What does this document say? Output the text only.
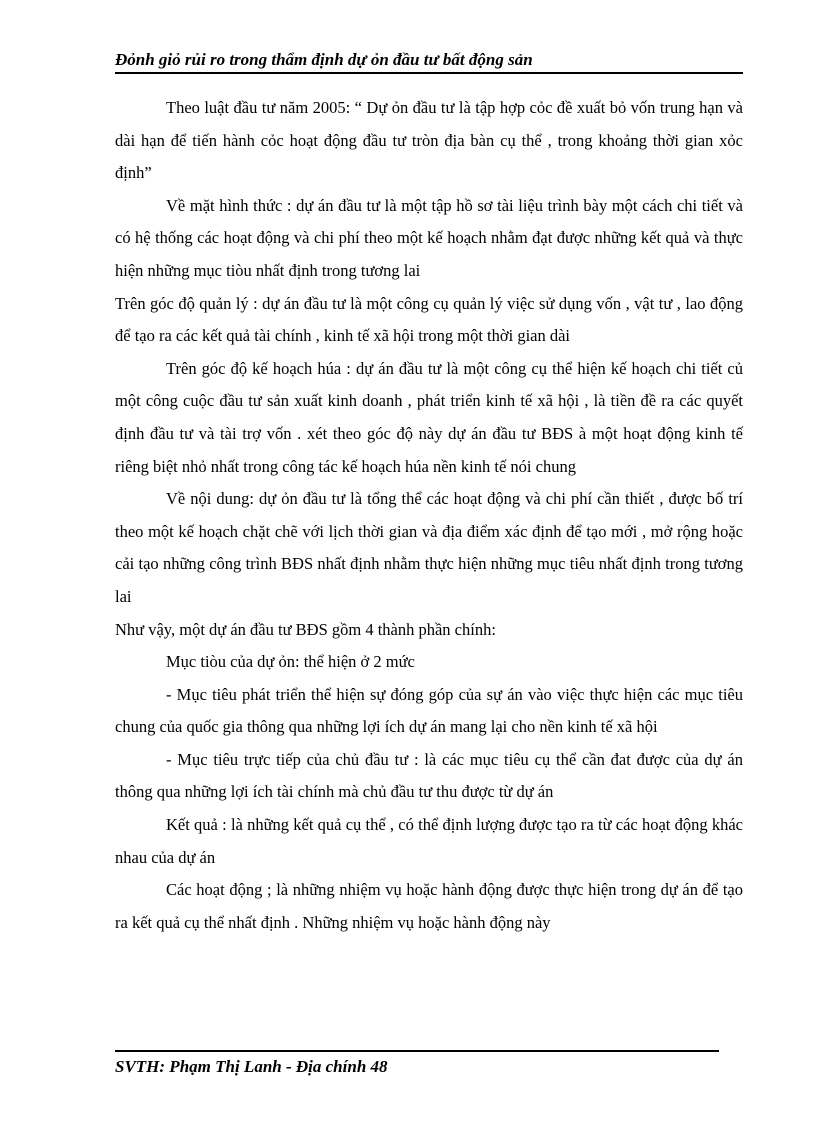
Đỏnh giỏ rủi ro trong thẩm định dự ỏn đầu tư bất động sản

Theo luật đầu tư năm 2005: “ Dự ỏn đầu tư là tập hợp cỏc đề xuất bỏ vốn trung hạn và dài hạn để tiến hành cỏc hoạt động đầu tư tròn địa bàn cụ thể , trong khoảng thời gian xỏc định”

Về mặt hình thức : dự án đầu tư là một tập hồ sơ tài liệu trình bày một cách chi tiết và có hệ thống các hoạt động và chi phí theo một kế hoạch nhằm đạt được những kết quả và thực hiện những mục tiòu nhất định trong tương lai

Trên góc độ quản lý : dự án đầu tư là một công cụ quản lý việc sử dụng vốn , vật tư , lao động để tạo ra các kết quả tài chính , kinh tế xã hội trong một thời gian dài

Trên góc độ kế hoạch húa : dự án đầu tư là một công cụ thể hiện kế hoạch chi tiết củ một công cuộc đầu tư sản xuất kinh doanh , phát triển kinh tế xã hội , là tiền đề ra các quyết định đầu tư và tài trợ vốn . xét theo góc độ này dự án đầu tư BĐS à một hoạt động kinh tế riêng biệt nhỏ nhất trong công tác kế hoạch húa nền kinh tế nói chung

Về nội dung: dự ỏn đầu tư là tổng thể các hoạt động và chi phí cần thiết , được bố trí theo một kế hoạch chặt chẽ với lịch thời gian và địa điểm xác định để tạo mới , mở rộng hoặc cải tạo những công trình BĐS nhất định nhằm thực hiện những mục tiêu nhất định trong tương lai

Như vậy, một dự án đầu tư BĐS gồm 4 thành phần chính:

Mục tiòu của dự ỏn: thể hiện ở 2 mức

- Mục tiêu phát triển thể hiện sự đóng góp của sự án vào việc thực hiện các mục tiêu chung của quốc gia thông qua những lợi ích dự án mang lại cho nền kinh tế xã hội

- Mục tiêu trực tiếp của chủ đầu tư : là các mục tiêu cụ thể cần đat được của dự án thông qua những lợi ích tài chính mà chủ đầu tư thu được từ dự án

Kết quả : là những kết quả cụ thể , có thể định lượng được tạo ra từ các hoạt động khác nhau của dự án

Các hoạt động ; là những nhiệm vụ hoặc hành động được thực hiện trong dự án để tạo ra kết quả cụ thể nhất định . Những nhiệm vụ hoặc hành động này

SVTH: Phạm Thị Lanh - Địa chính 48
